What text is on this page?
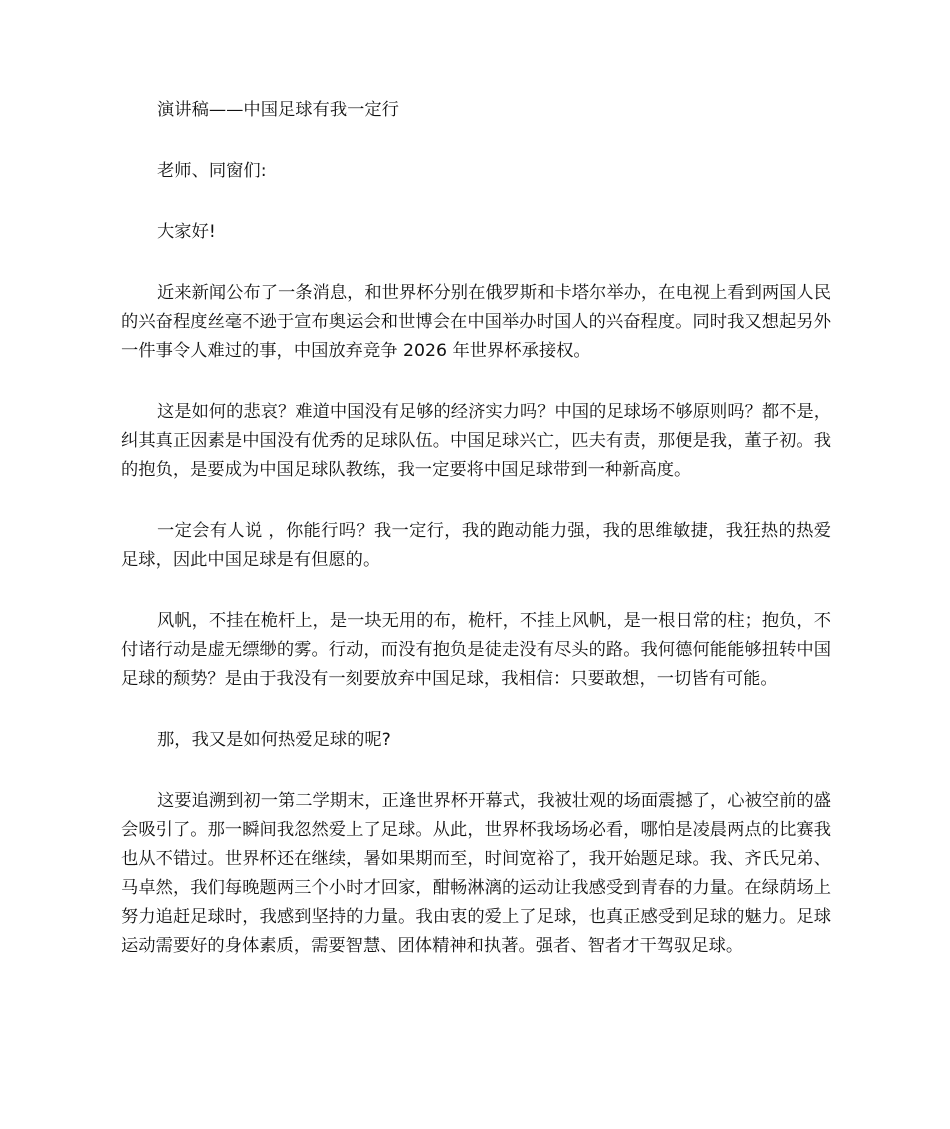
演讲稿——中国足球有我一定行

老师、同窗们:

大家好!

近来新闻公布了一条消息，和世界杯分别在俄罗斯和卡塔尔举办，在电视上看到两国人民的兴奋程度丝毫不逊于宣布奥运会和世博会在中国举办时国人的兴奋程度。同时我又想起另外一件事令人难过的事，中国放弃竞争 2026 年世界杯承接权。

这是如何的悲哀？难道中国没有足够的经济实力吗？中国的足球场不够原则吗？都不是，纠其真正因素是中国没有优秀的足球队伍。中国足球兴亡，匹夫有责，那便是我，董子初。我的抱负，是要成为中国足球队教练，我一定要将中国足球带到一种新高度。

一定会有人说 ，你能行吗？我一定行，我的跑动能力强，我的思维敏捷，我狂热的热爱足球，因此中国足球是有但愿的。

风帆，不挂在桅杆上，是一块无用的布，桅杆，不挂上风帆，是一根日常的柱；抱负，不付诸行动是虚无缥缈的雾。行动，而没有抱负是徒走没有尽头的路。我何德何能能够扭转中国足球的颓势？是由于我没有一刻要放弃中国足球，我相信：只要敢想，一切皆有可能。

那，我又是如何热爱足球的呢?

这要追溯到初一第二学期末，正逢世界杯开幕式，我被壮观的场面震撼了，心被空前的盛会吸引了。那一瞬间我忽然爱上了足球。从此，世界杯我场场必看，哪怕是凌晨两点的比赛我也从不错过。世界杯还在继续，暑如果期而至，时间宽裕了，我开始题足球。我、齐氏兄弟、马卓然，我们每晚题两三个小时才回家，酣畅淋漓的运动让我感受到青春的力量。在绿荫场上努力追赶足球时，我感到坚持的力量。我由衷的爱上了足球，也真正感受到足球的魅力。足球运动需要好的身体素质，需要智慧、团体精神和执著。强者、智者才干驾驭足球。
